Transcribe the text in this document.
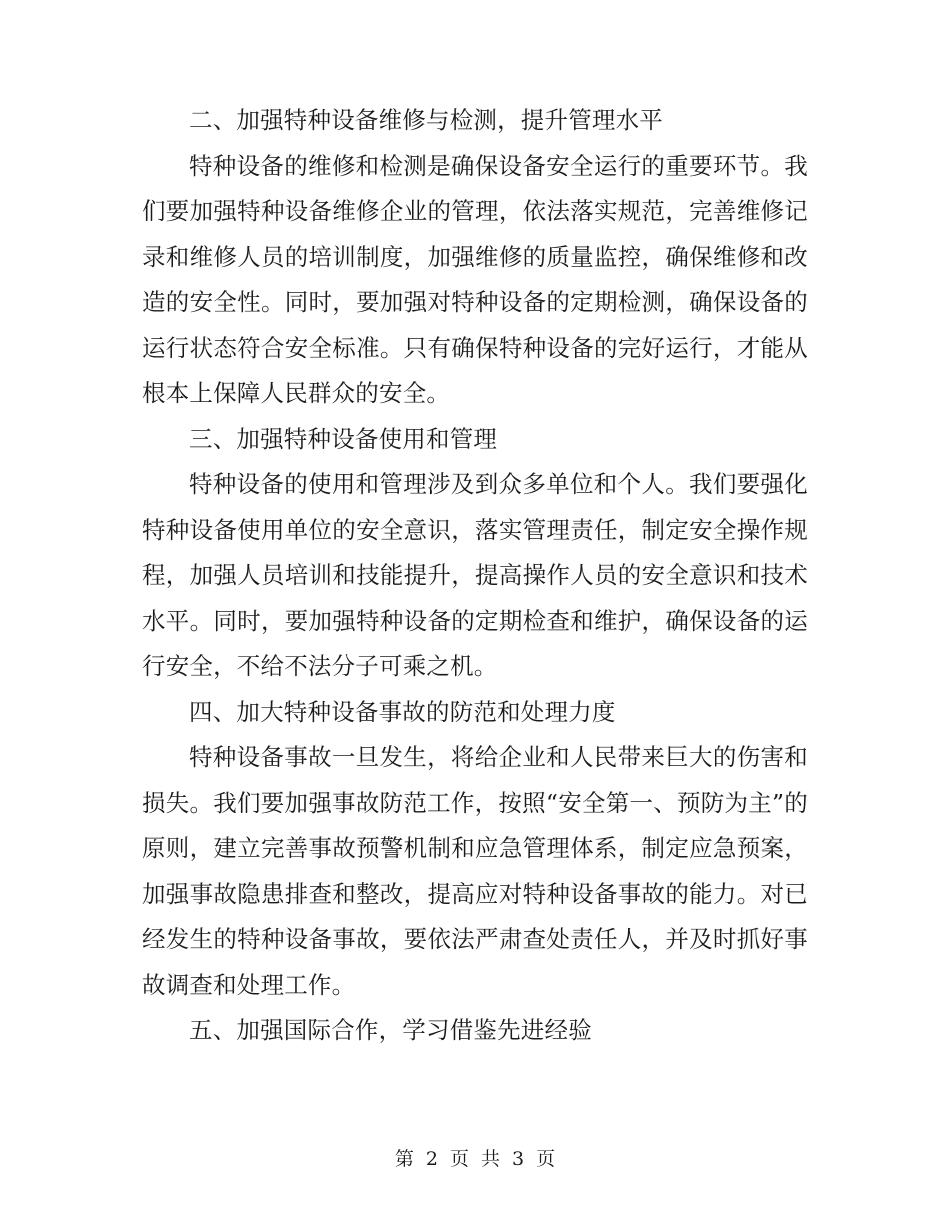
二、加强特种设备维修与检测，提升管理水平

特种设备的维修和检测是确保设备安全运行的重要环节。我们要加强特种设备维修企业的管理，依法落实规范，完善维修记录和维修人员的培训制度，加强维修的质量监控，确保维修和改造的安全性。同时，要加强对特种设备的定期检测，确保设备的运行状态符合安全标准。只有确保特种设备的完好运行，才能从根本上保障人民群众的安全。

三、加强特种设备使用和管理

特种设备的使用和管理涉及到众多单位和个人。我们要强化特种设备使用单位的安全意识，落实管理责任，制定安全操作规程，加强人员培训和技能提升，提高操作人员的安全意识和技术水平。同时，要加强特种设备的定期检查和维护，确保设备的运行安全，不给不法分子可乘之机。

四、加大特种设备事故的防范和处理力度

特种设备事故一旦发生，将给企业和人民带来巨大的伤害和损失。我们要加强事故防范工作，按照“安全第一、预防为主”的原则，建立完善事故预警机制和应急管理体系，制定应急预案，加强事故隐患排查和整改，提高应对特种设备事故的能力。对已经发生的特种设备事故，要依法严肃查处责任人，并及时抓好事故调查和处理工作。

五、加强国际合作，学习借鉴先进经验

第 2 页 共 3 页
